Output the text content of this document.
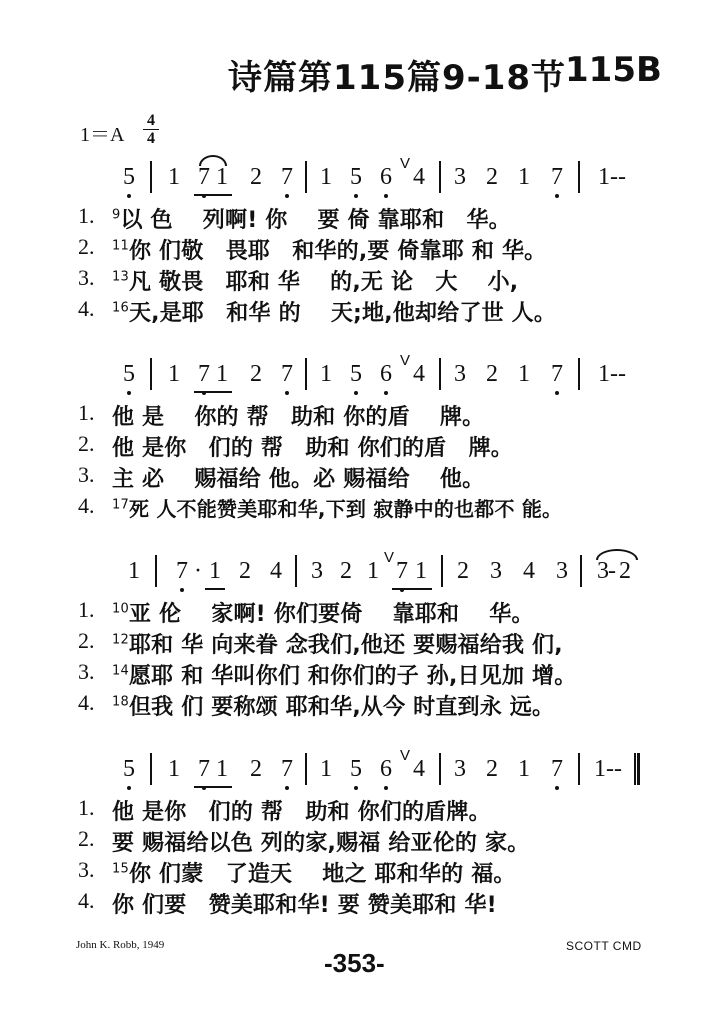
诗篇第115篇9-18节
115B
1＝A
4
4
5 1 7 1 2 7 1 5 6
V
4 3 2 1 7	1--
1. $^9$以 色　 列啊! 你　 要 倚 靠耶和　华。
2. $^{11}$你 们敬　畏耶　和华的,要 倚靠耶 和 华。
3. $^{13}$凡 敬畏　耶和 华　 的,无 论　大　 小,
4. $^{16}$天,是耶　和华 的　 天;地,他却给了世 人。
5 1 7 1 2 7 1 5 6
V
4 3 2 1 7	1--
1. 他 是　 你的 帮　助和 你的盾　 牌。
2. 他 是你　们的 帮　助和 你们的盾　牌。
3. 主 必　 赐福给 他。必 赐福给　 他。
4. $^{17}$死 人不能赞美耶和华,下到 寂静中的也都不 能。
1 7 · 1 2 4 3 2 1
V
7 1 2 3 4 3 3 - 2
1. $^{10}$亚 伦　 家啊! 你们要倚　 靠耶和　 华。
2. $^{12}$耶和 华 向来眷 念我们,他还 要赐福给我 们,
3. $^{14}$愿耶 和 华叫你们 和你们的子 孙,日见加 增。
4. $^{18}$但我 们 要称颂 耶和华,从今 时直到永 远。
5 1 7 1 2 7 1 5 6
V
4 3 2 1 7	1--
1. 他 是你　们的 帮　助和 你们的盾牌。
2. 要 赐福给以色 列的家,赐福 给亚伦的 家。
3. $^{15}$你 们蒙　了造天　 地之 耶和华的 福。
4. 你 们要　赞美耶和华! 要 赞美耶和 华!
John K. Robb, 1949	SCOTT CMD
-353-
